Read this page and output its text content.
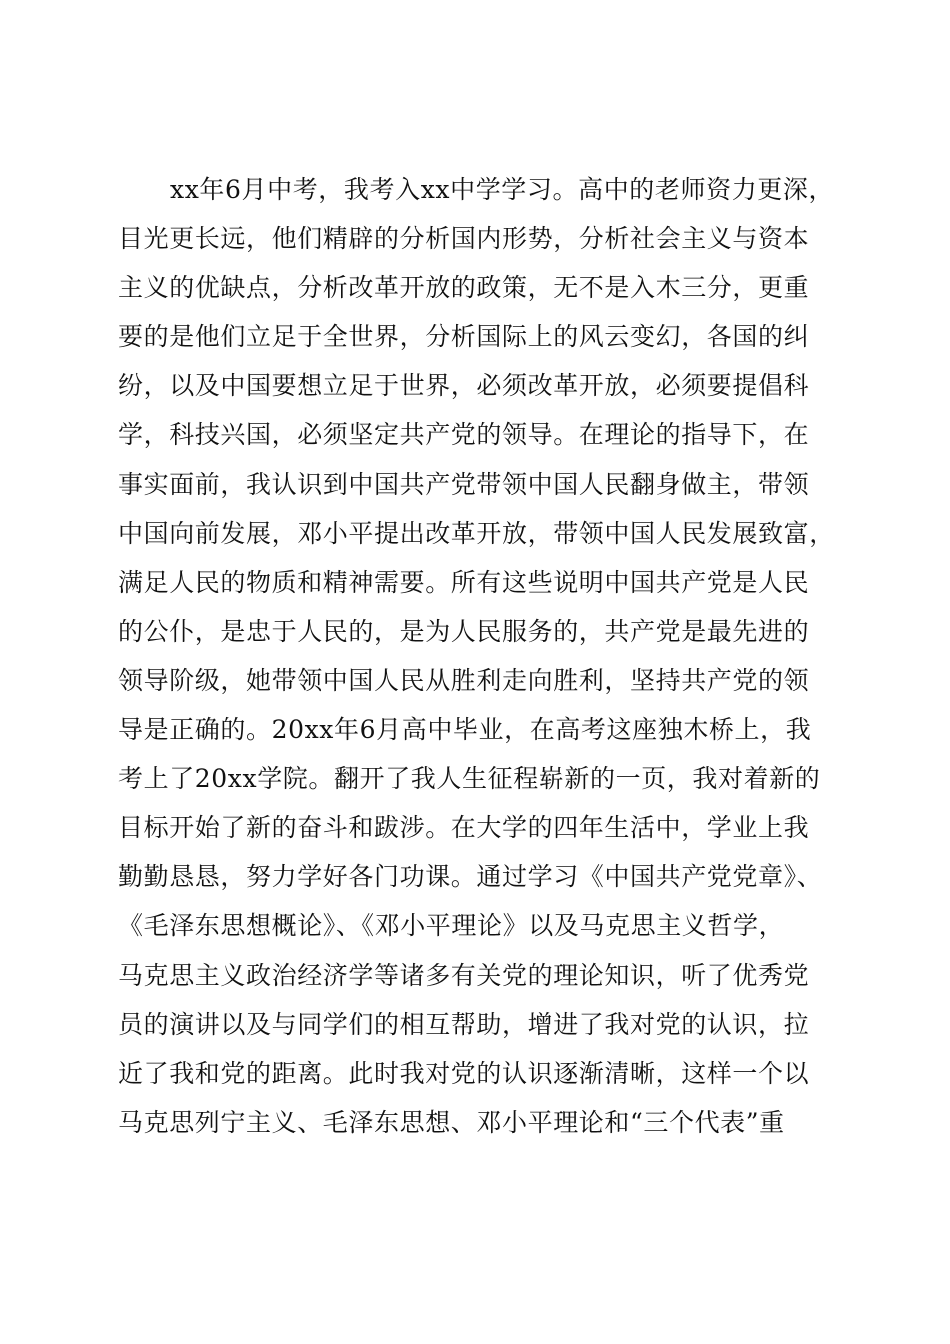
xx年6月中考，我考入xx中学学习。高中的老师资力更深，
目光更长远，他们精辟的分析国内形势，分析社会主义与资本
主义的优缺点，分析改革开放的政策，无不是入木三分，更重
要的是他们立足于全世界，分析国际上的风云变幻，各国的纠
纷，以及中国要想立足于世界，必须改革开放，必须要提倡科
学，科技兴国，必须坚定共产党的领导。在理论的指导下，在
事实面前，我认识到中国共产党带领中国人民翻身做主，带领
中国向前发展，邓小平提出改革开放，带领中国人民发展致富，
满足人民的物质和精神需要。所有这些说明中国共产党是人民
的公仆，是忠于人民的，是为人民服务的，共产党是最先进的
领导阶级，她带领中国人民从胜利走向胜利，坚持共产党的领
导是正确的。20xx年6月高中毕业，在高考这座独木桥上，我
考上了20xx学院。翻开了我人生征程崭新的一页，我对着新的
目标开始了新的奋斗和跋涉。在大学的四年生活中，学业上我
勤勤恳恳，努力学好各门功课。通过学习《中国共产党党章》、
《毛泽东思想概论》、《邓小平理论》以及马克思主义哲学，
马克思主义政治经济学等诸多有关党的理论知识，听了优秀党
员的演讲以及与同学们的相互帮助，增进了我对党的认识，拉
近了我和党的距离。此时我对党的认识逐渐清晰，这样一个以
马克思列宁主义、毛泽东思想、邓小平理论和“三个代表”重
